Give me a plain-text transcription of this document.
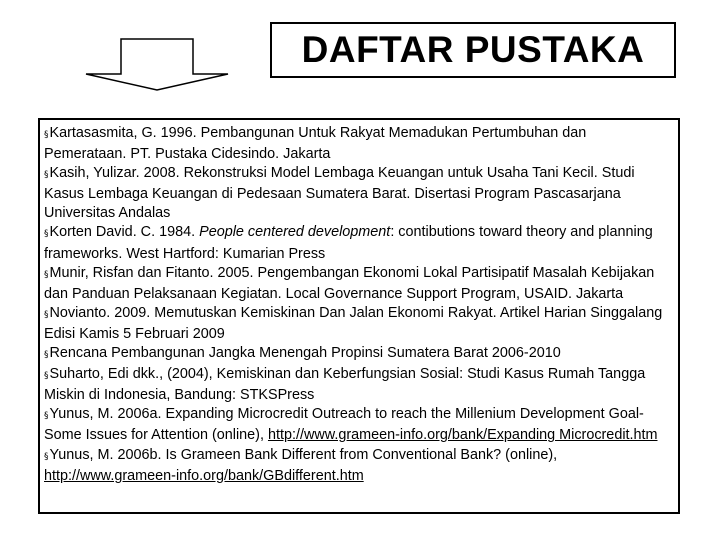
DAFTAR PUSTAKA
§Kartasasmita, G. 1996. Pembangunan Untuk Rakyat Memadukan Pertumbuhan dan Pemerataan. PT. Pustaka Cidesindo. Jakarta
§Kasih, Yulizar. 2008. Rekonstruksi Model Lembaga Keuangan untuk Usaha Tani Kecil. Studi Kasus Lembaga Keuangan di Pedesaan Sumatera Barat. Disertasi Program Pascasarjana Universitas Andalas
§Korten David. C. 1984. People centered development: contibutions toward theory and planning frameworks. West Hartford: Kumarian Press
§Munir, Risfan dan Fitanto. 2005. Pengembangan Ekonomi Lokal Partisipatif Masalah Kebijakan dan Panduan Pelaksanaan Kegiatan. Local Governance Support Program, USAID. Jakarta
§Novianto. 2009. Memutuskan Kemiskinan Dan Jalan Ekonomi Rakyat. Artikel Harian Singgalang Edisi Kamis 5 Februari 2009
§Rencana Pembangunan Jangka Menengah Propinsi Sumatera Barat 2006-2010
§Suharto, Edi dkk., (2004), Kemiskinan dan Keberfungsian Sosial: Studi Kasus Rumah Tangga Miskin di Indonesia, Bandung: STKSPress
§Yunus, M. 2006a. Expanding Microcredit Outreach to reach the Millenium Development Goal-Some Issues for Attention (online), http://www.grameen-info.org/bank/Expanding Microcredit.htm
§Yunus, M. 2006b. Is Grameen Bank Different from Conventional Bank? (online), http://www.grameen-info.org/bank/GBdifferent.htm
